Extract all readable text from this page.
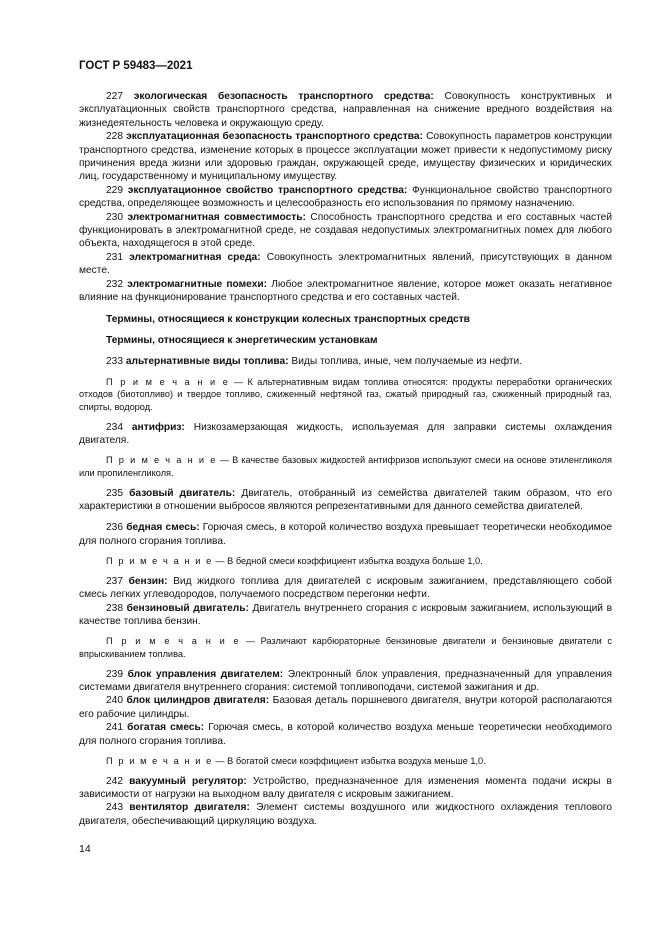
ГОСТ Р 59483—2021

227 экологическая безопасность транспортного средства: Совокупность конструктивных и эксплуатационных свойств транспортного средства, направленная на снижение вредного воздействия на жизнедеятельность человека и окружающую среду.

228 эксплуатационная безопасность транспортного средства: Совокупность параметров конструкции транспортного средства, изменение которых в процессе эксплуатации может привести к недопустимому риску причинения вреда жизни или здоровью граждан, окружающей среде, имуществу физических и юридических лиц, государственному и муниципальному имуществу.

229 эксплуатационное свойство транспортного средства: Функциональное свойство транспортного средства, определяющее возможность и целесообразность его использования по прямому назначению.

230 электромагнитная совместимость: Способность транспортного средства и его составных частей функционировать в электромагнитной среде, не создавая недопустимых электромагнитных помех для любого объекта, находящегося в этой среде.

231 электромагнитная среда: Совокупность электромагнитных явлений, присутствующих в данном месте.

232 электромагнитные помехи: Любое электромагнитное явление, которое может оказать негативное влияние на функционирование транспортного средства и его составных частей.

Термины, относящиеся к конструкции колесных транспортных средств

Термины, относящиеся к энергетическим установкам

233 альтернативные виды топлива: Виды топлива, иные, чем получаемые из нефти.

П р и м е ч а н и е — К альтернативным видам топлива относятся: продукты переработки органических отходов (биотопливо) и твердое топливо, сжиженный нефтяной газ, сжатый природный газ, сжиженный природный газ, спирты, водород.

234 антифриз: Низкозамерзающая жидкость, используемая для заправки системы охлаждения двигателя.

П р и м е ч а н и е — В качестве базовых жидкостей антифризов используют смеси на основе этиленгликоля или пропиленгликоля.

235 базовый двигатель: Двигатель, отобранный из семейства двигателей таким образом, что его характеристики в отношении выбросов являются репрезентативными для данного семейства двигателей.

236 бедная смесь: Горючая смесь, в которой количество воздуха превышает теоретически необходимое для полного сгорания топлива.

П р и м е ч а н и е — В бедной смеси коэффициент избытка воздуха больше 1,0.

237 бензин: Вид жидкого топлива для двигателей с искровым зажиганием, представляющего собой смесь легких углеводородов, получаемого посредством перегонки нефти.

238 бензиновый двигатель: Двигатель внутреннего сгорания с искровым зажиганием, использующий в качестве топлива бензин.

П р и м е ч а н и е — Различают карбюраторные бензиновые двигатели и бензиновые двигатели с впрыскиванием топлива.

239 блок управления двигателем: Электронный блок управления, предназначенный для управления системами двигателя внутреннего сгорания: системой топливоподачи, системой зажигания и др.

240 блок цилиндров двигателя: Базовая деталь поршневого двигателя, внутри которой располагаются его рабочие цилиндры.

241 богатая смесь: Горючая смесь, в которой количество воздуха меньше теоретически необходимого для полного сгорания топлива.

П р и м е ч а н и е — В богатой смеси коэффициент избытка воздуха меньше 1,0.

242 вакуумный регулятор: Устройство, предназначенное для изменения момента подачи искры в зависимости от нагрузки на выходном валу двигателя с искровым зажиганием.

243 вентилятор двигателя: Элемент системы воздушного или жидкостного охлаждения теплового двигателя, обеспечивающий циркуляцию воздуха.

14
